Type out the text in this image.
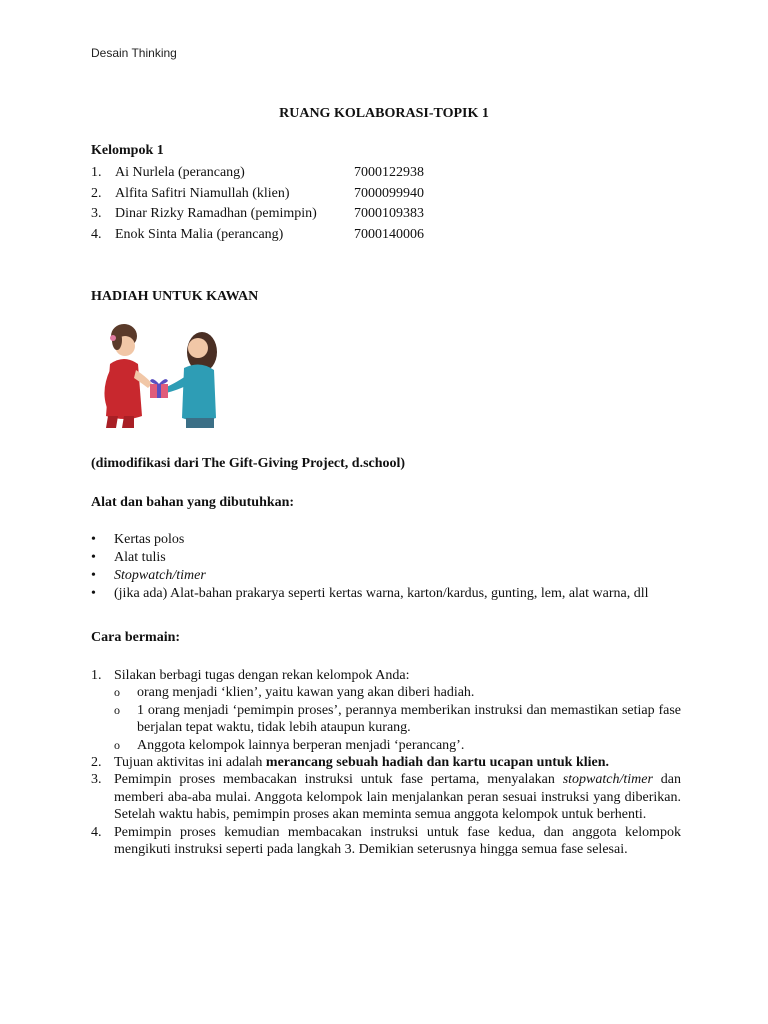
Desain Thinking
RUANG KOLABORASI-TOPIK 1
Kelompok 1
1. Ai Nurlela (perancang)	7000122938
2. Alfita Safitri Niamullah (klien)	7000099940
3. Dinar Rizky Ramadhan (pemimpin)	7000109383
4. Enok Sinta Malia (perancang)	7000140006
HADIAH UNTUK KAWAN
(dimodifikasi dari The Gift-Giving Project, d.school)
Alat dan bahan yang dibutuhkan:
•	Kertas polos
•	Alat tulis
•	Stopwatch/timer
•	(jika ada) Alat-bahan prakarya seperti kertas warna, karton/kardus, gunting, lem, alat warna, dll
Cara bermain:
1. Silakan berbagi tugas dengan rekan kelompok Anda:
o	orang menjadi ‘klien’, yaitu kawan yang akan diberi hadiah.
o	1 orang menjadi ‘pemimpin proses’, perannya memberikan instruksi dan memastikan setiap fase berjalan tepat waktu, tidak lebih ataupun kurang.
o	Anggota kelompok lainnya berperan menjadi ‘perancang’.
2. Tujuan aktivitas ini adalah merancang sebuah hadiah dan kartu ucapan untuk klien.
3. Pemimpin proses membacakan instruksi untuk fase pertama, menyalakan stopwatch/timer dan memberi aba-aba mulai. Anggota kelompok lain menjalankan peran sesuai instruksi yang diberikan. Setelah waktu habis, pemimpin proses akan meminta semua anggota kelompok untuk berhenti.
4. Pemimpin proses kemudian membacakan instruksi untuk fase kedua, dan anggota kelompok mengikuti instruksi seperti pada langkah 3. Demikian seterusnya hingga semua fase selesai.
